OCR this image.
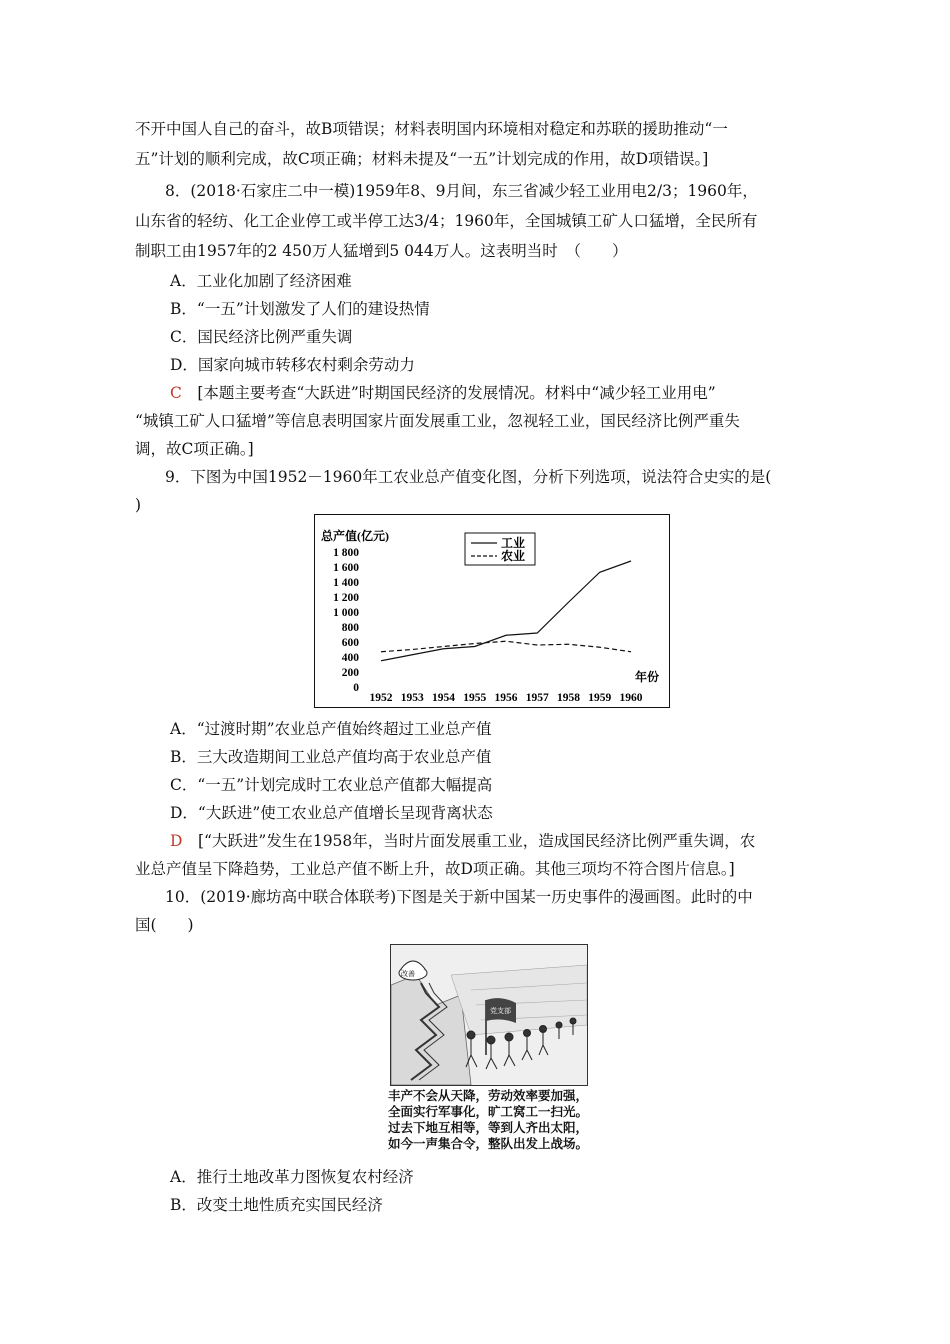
不开中国人自己的奋斗，故B项错误；材料表明国内环境相对稳定和苏联的援助推动“一
五”计划的顺利完成，故C项正确；材料未提及“一五”计划完成的作用，故D项错误。]
8．(2018·石家庄二中一模)1959年8、9月间，东三省减少轻工业用电2/3；1960年，
山东省的轻纺、化工企业停工或半停工达3/4；1960年，全国城镇工矿人口猛增，全民所有
制职工由1957年的2 450万人猛增到5 044万人。这表明当时　（　　）
A．工业化加剧了经济困难
B．“一五”计划激发了人们的建设热情
C．国民经济比例严重失调
D．国家向城市转移农村剩余劳动力
C　[本题主要考查“大跃进”时期国民经济的发展情况。材料中“减少轻工业用电”
“城镇工矿人口猛增”等信息表明国家片面发展重工业，忽视轻工业，国民经济比例严重失
调，故C项正确。]
9．下图为中国1952－1960年工农业总产值变化图，分析下列选项，说法符合史实的是(
)
总产值(亿元)
0
200
400
600
800
1 000
1 200
1 400
1 600
1 800
1952 1953 1954 1955 1956 1957 1958 1959 1960
年份
工业
农业
A．“过渡时期”农业总产值始终超过工业总产值
B．三大改造期间工业总产值均高于农业总产值
C．“一五”计划完成时工农业总产值都大幅提高
D．“大跃进”使工农业总产值增长呈现背离状态
D　[“大跃进”发生在1958年，当时片面发展重工业，造成国民经济比例严重失调，农
业总产值呈下降趋势，工业总产值不断上升，故D项正确。其他三项均不符合图片信息。]
10．(2019·廊坊高中联合体联考)下图是关于新中国某一历史事件的漫画图。此时的中
国(　　)
改善
党支部
丰产不会从天降，劳动效率要加强，
全面实行军事化，旷工窝工一扫光。
过去下地互相等，等到人齐出太阳，
如今一声集合令，整队出发上战场。
A．推行土地改革力图恢复农村经济
B．改变土地性质充实国民经济
